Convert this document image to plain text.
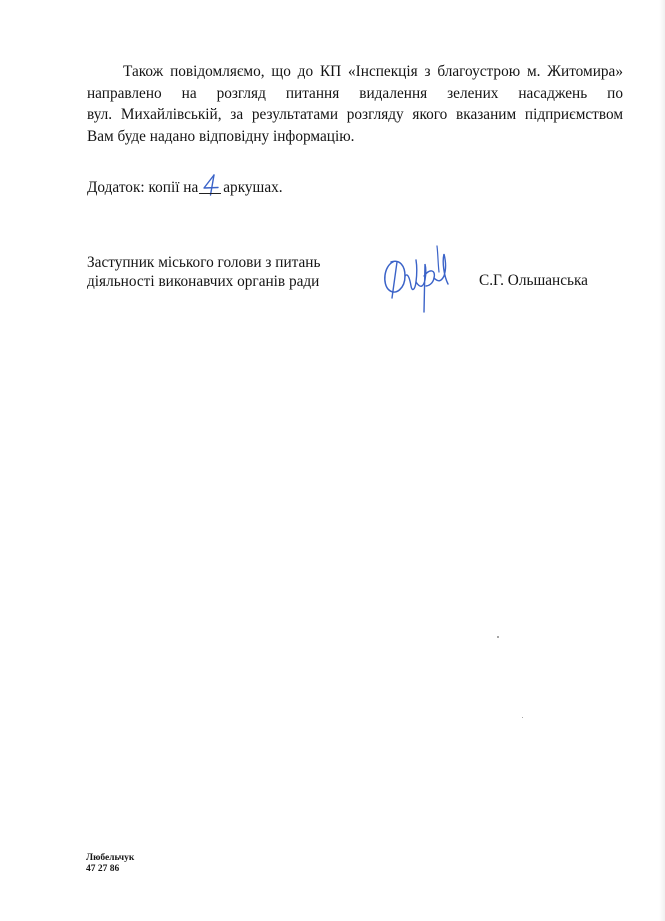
Також повідомляємо, що до КП «Інспекція з благоустрою м. Житомира»
направлено на розгляд питання видалення зелених насаджень по
вул. Михайлівській, за результатами розгляду якого вказаним підприємством
Вам буде надано відповідну інформацію.

Додаток: копії на аркушах.
Заступник міського голови з питань
діяльності виконавчих органів ради	С.Г. Ольшанська
Любельчук
47 27 86
